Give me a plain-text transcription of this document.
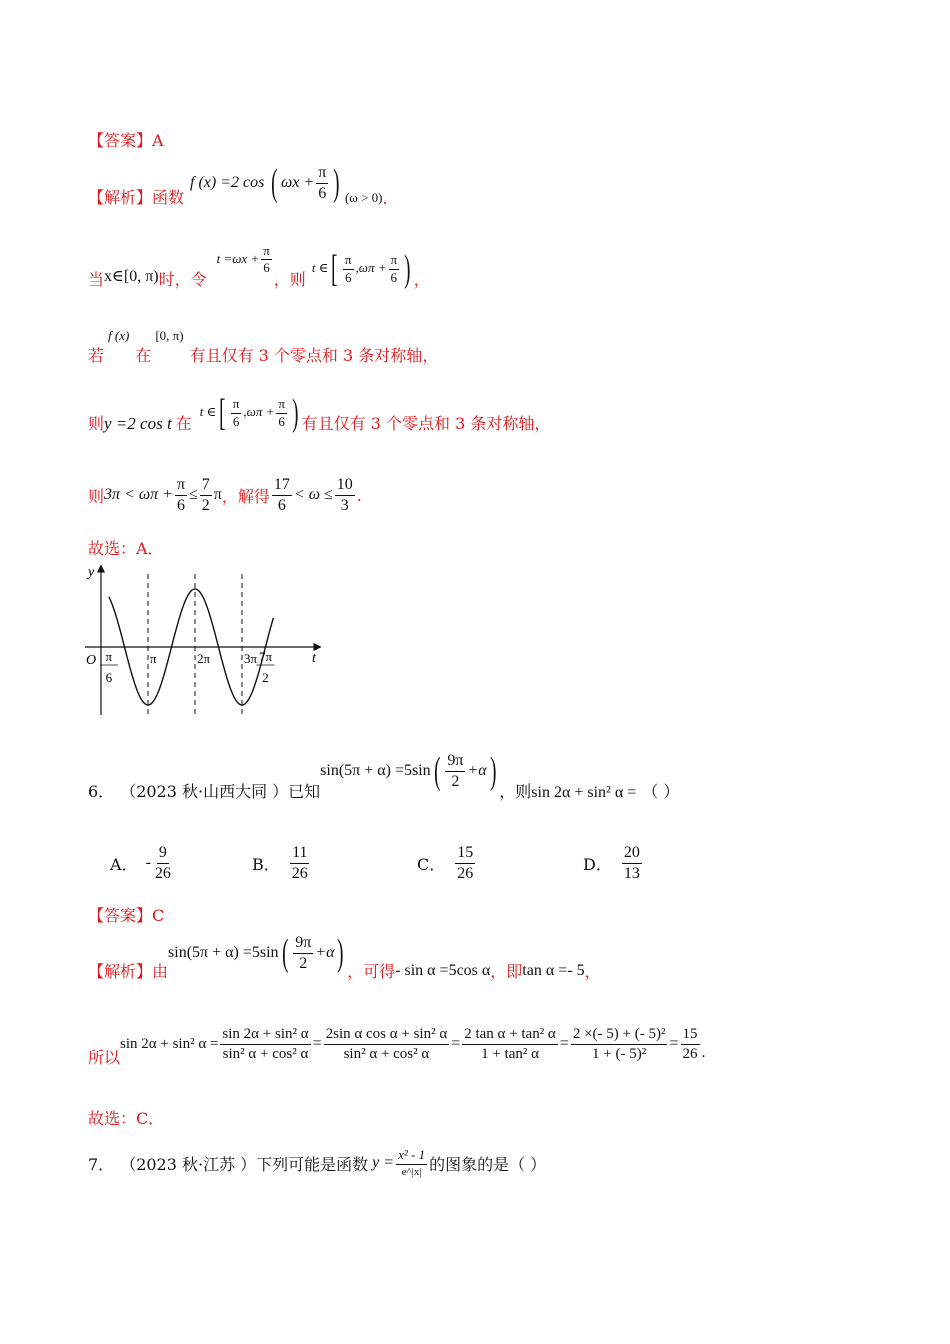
【答案】A
【解析】 函数
f (x) =2 cos ( $\omega x + \frac{\pi}{6}$ ) (ω > 0) .
当 x∈[0, π) 时，令
$t =\omega x + \frac{\pi}{6}$
，则
t ∈[ $\frac{\pi}{6} ,\omega\pi + \frac{\pi}{6}$ ) ，
若
f (x)
在
[0, π)
有且仅有 3 个零点和 3 条对称轴，
则 y =2 cos t 在
t ∈[ $\frac{\pi}{6} ,\omega\pi + \frac{\pi}{6}$ ) 有且仅有 3 个零点和 3 条对称轴，
则 $3\pi < \omega\pi + \frac{\pi}{6} \le \frac{7}{2}$ π ，解得 $\frac{17}{6} < \omega \le \frac{10}{3}$ .
故选：A．
y
t
O π
6
π	2π	3π 7π
2
6． （2023 秋·山西大同 ）已知
$\sin(5\pi + \alpha) =5\sin( \frac{9\pi}{2} +\alpha)$ ，则 sin 2α + sin² α = （ ）
A． - $\frac{9}{26}$	B． $\frac{11}{26}$	C． $\frac{15}{26}$	D． $\frac{20}{13}$
【答案】C
【解析】 由
$\sin(5\pi + \alpha) =5\sin( \frac{9\pi}{2} +\alpha)$ ，可得 - sin α =5cos α ，即 tan α =- 5 ，
所以
sin 2α + sin² $\alpha = \frac{\text{sin 2α + sin² α}}{\text{sin² α + cos² α}} = \frac{\text{2sin α cos α + sin² α}}{\text{sin² α + cos² α}} = \frac{\text{2 tan α + tan² α}}{\text{1 + tan² α}} = \frac{\text{2 ×(- 5) + (- 5)²}}{\text{1 + (- 5)²}} = \frac{15}{26}$ .
故选：C．
7． （2023 秋·江苏 ）下列可能是函数 $y = \frac{\text{x² - 1}}{e\^{}|x|}$ 的图象的是（ ）
